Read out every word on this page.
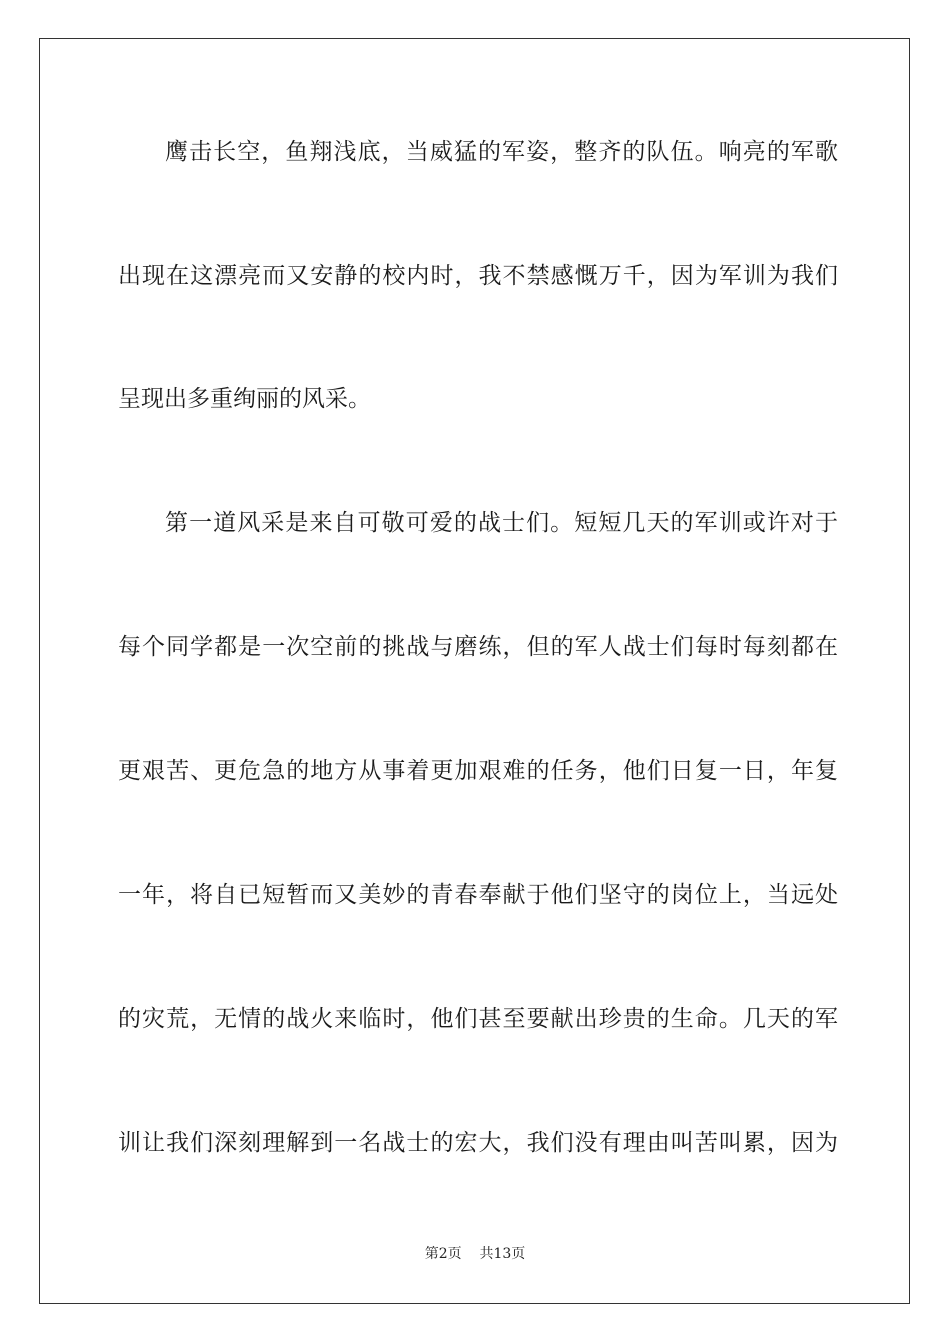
鹰击长空，鱼翔浅底，当威猛的军姿，整齐的队伍。响亮的军歌
出现在这漂亮而又安静的校内时，我不禁感慨万千，因为军训为我们
呈现出多重绚丽的风采。
第一道风采是来自可敬可爱的战士们。短短几天的军训或许对于
每个同学都是一次空前的挑战与磨练，但的军人战士们每时每刻都在
更艰苦、更危急的地方从事着更加艰难的任务，他们日复一日，年复
一年，将自已短暂而又美妙的青春奉献于他们坚守的岗位上，当远处
的灾荒，无情的战火来临时，他们甚至要献出珍贵的生命。几天的军
训让我们深刻理解到一名战士的宏大，我们没有理由叫苦叫累，因为
第2页 共13页
